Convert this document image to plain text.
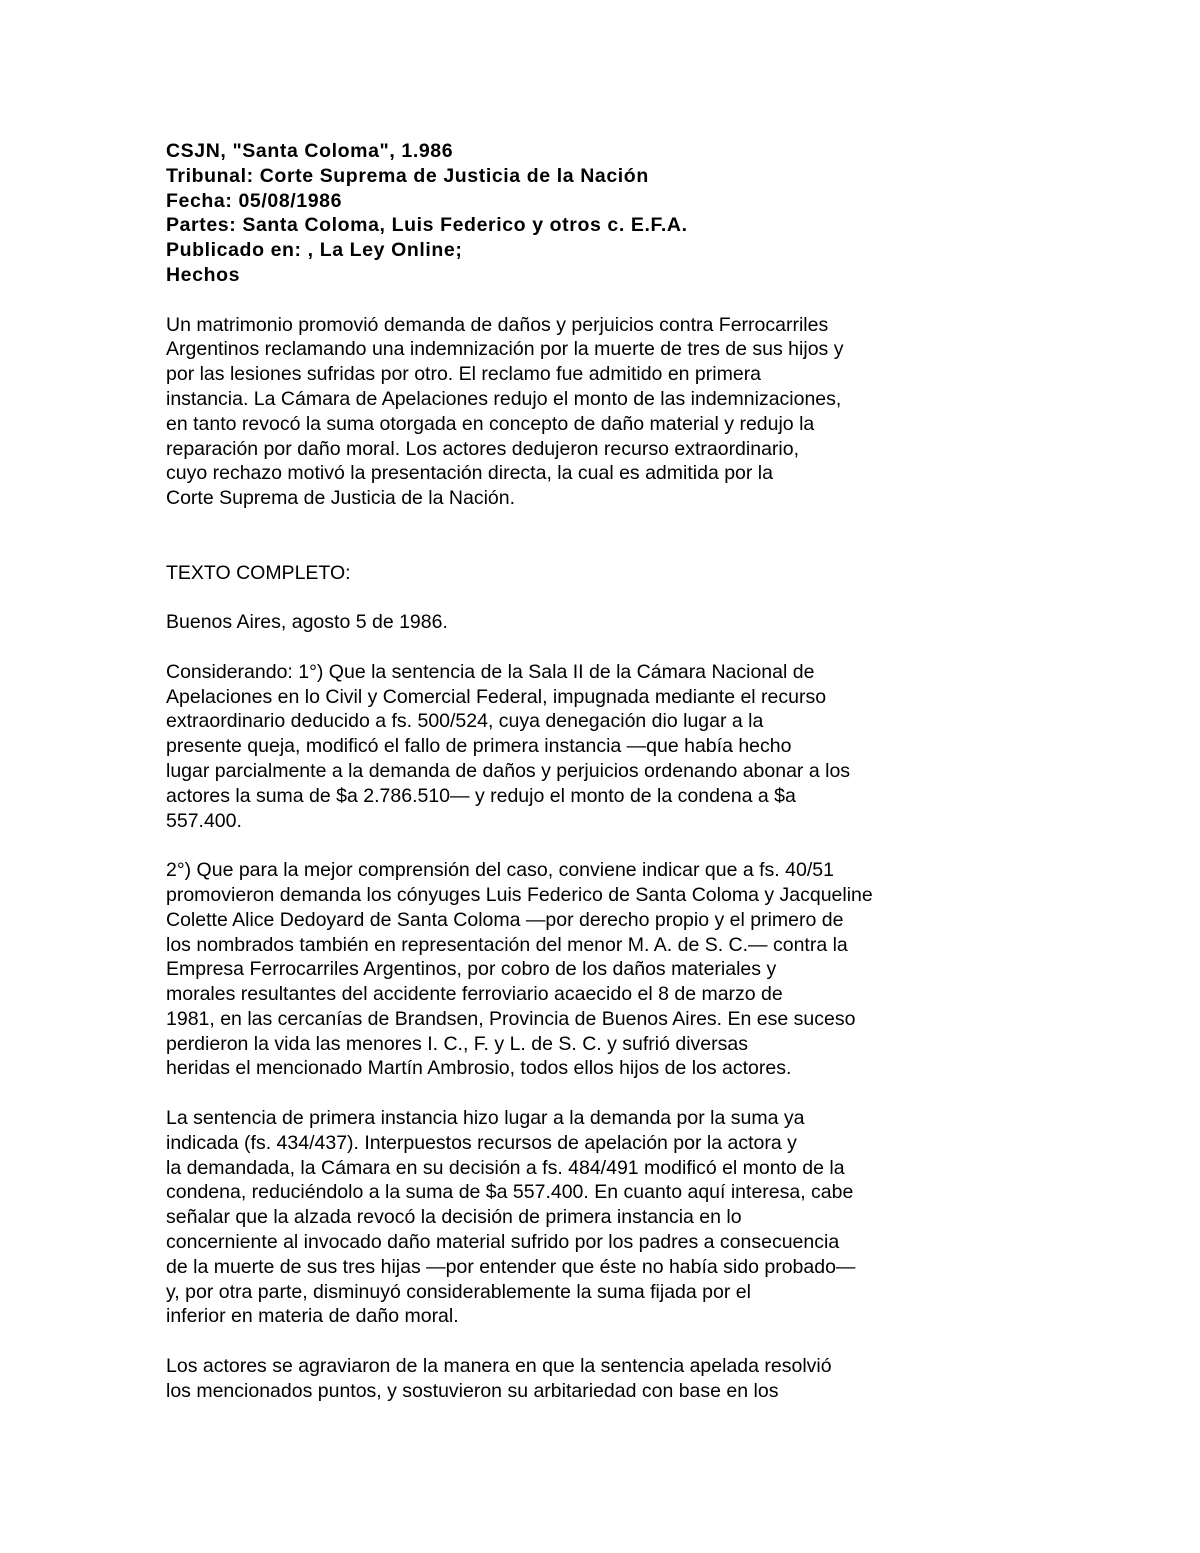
CSJN, "Santa Coloma", 1.986
Tribunal: Corte Suprema de Justicia de la Nación
Fecha: 05/08/1986
Partes: Santa Coloma, Luis Federico y otros c. E.F.A.
Publicado en: , La Ley Online;
Hechos
Un matrimonio promovió demanda de daños y perjuicios contra Ferrocarriles
Argentinos reclamando una indemnización por la muerte de tres de sus hijos y
por las lesiones sufridas por otro. El reclamo fue admitido en primera
instancia. La Cámara de Apelaciones redujo el monto de las indemnizaciones,
en tanto revocó la suma otorgada en concepto de daño material y redujo la
reparación por daño moral. Los actores dedujeron recurso extraordinario,
cuyo rechazo motivó la presentación directa, la cual es admitida por la
Corte Suprema de Justicia de la Nación.
TEXTO COMPLETO:
Buenos Aires, agosto 5 de 1986.
Considerando: 1°) Que la sentencia de la Sala II de la Cámara Nacional de
Apelaciones en lo Civil y Comercial Federal, impugnada mediante el recurso
extraordinario deducido a fs. 500/524, cuya denegación dio lugar a la
presente queja, modificó el fallo de primera instancia —que había hecho
lugar parcialmente a la demanda de daños y perjuicios ordenando abonar a los
actores la suma de $a 2.786.510— y redujo el monto de la condena a $a
557.400.
2°) Que para la mejor comprensión del caso, conviene indicar que a fs. 40/51
promovieron demanda los cónyuges Luis Federico de Santa Coloma y Jacqueline
Colette Alice Dedoyard de Santa Coloma —por derecho propio y el primero de
los nombrados también en representación del menor M. A. de S. C.— contra la
Empresa Ferrocarriles Argentinos, por cobro de los daños materiales y
morales resultantes del accidente ferroviario acaecido el 8 de marzo de
1981, en las cercanías de Brandsen, Provincia de Buenos Aires. En ese suceso
perdieron la vida las menores I. C., F. y L. de S. C. y sufrió diversas
heridas el mencionado Martín Ambrosio, todos ellos hijos de los actores.
La sentencia de primera instancia hizo lugar a la demanda por la suma ya
indicada (fs. 434/437). Interpuestos recursos de apelación por la actora y
la demandada, la Cámara en su decisión a fs. 484/491 modificó el monto de la
condena, reduciéndolo a la suma de $a 557.400. En cuanto aquí interesa, cabe
señalar que la alzada revocó la decisión de primera instancia en lo
concerniente al invocado daño material sufrido por los padres a consecuencia
de la muerte de sus tres hijas —por entender que éste no había sido probado—
y, por otra parte, disminuyó considerablemente la suma fijada por el
inferior en materia de daño moral.
Los actores se agraviaron de la manera en que la sentencia apelada resolvió
los mencionados puntos, y sostuvieron su arbitariedad con base en los
